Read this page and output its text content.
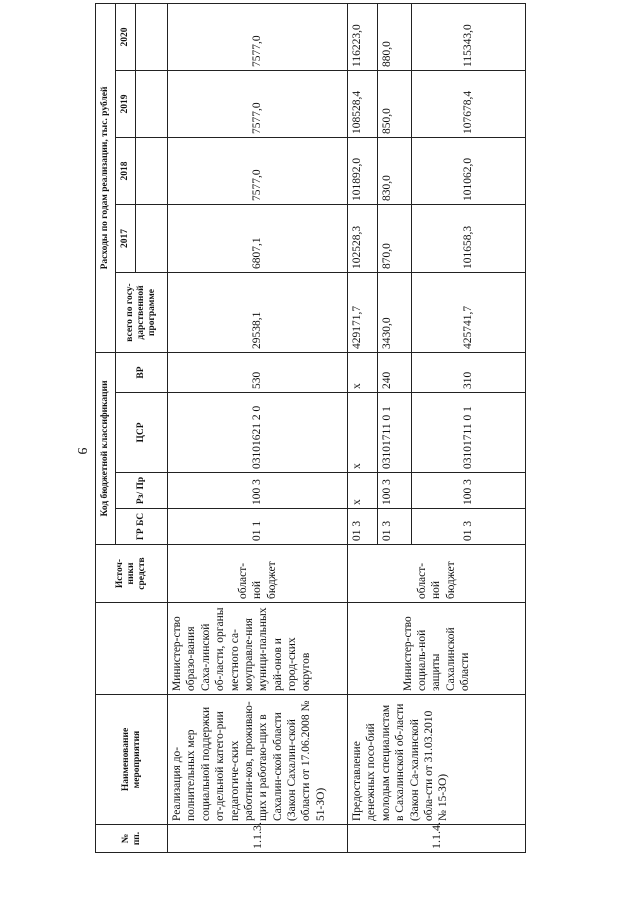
9
№ пп.	Наименование мероприятия		Источ-ники средств	Код бюджетной классификации				Расходы по годам реализации, тыс. рублей				
				ГР БС	Рз/ Пр	ЦСР	ВР	всего по госу-дарственной программе	2017	2018	2019	2020

1.1.3.	Реализация до-полнительных мер социальной поддержки от-дельной катего-рии педагогиче-ских работни-ков, проживаю-щих и работаю-щих в Сахалин-ской области (Закон Сахалин-ской области от 17.06.2008 № 51-ЗО)	Министер-ство образо-вания Саха-линской об-ласти, органы местного са-моуправле-ния муници-пальных рай-онов и город-ских округов	област-ной бюджет	01 1	100 3	03101621 2 0	530	29538,1	6807,1	7577,0	7577,0	7577,0
1.1.4.	Предоставление денежных посо-бий молодым специалистам в Сахалинской об-ласти (Закон Са-халинской обла-сти от 31.03.2010 № 15-ЗО)	Министер-ство социаль-ной защиты Сахалинской области	област-ной бюджет	01 3	х	х	х	429171,7	102528,3	101892,0	108528,4	116223,0
				01 3	100 3	03101711 0 1	240	3430,0	870,0	830,0	850,0	880,0
				01 3	100 3	03101711 0 1	310	425741,7	101658,3	101062,0	107678,4	115343,0
